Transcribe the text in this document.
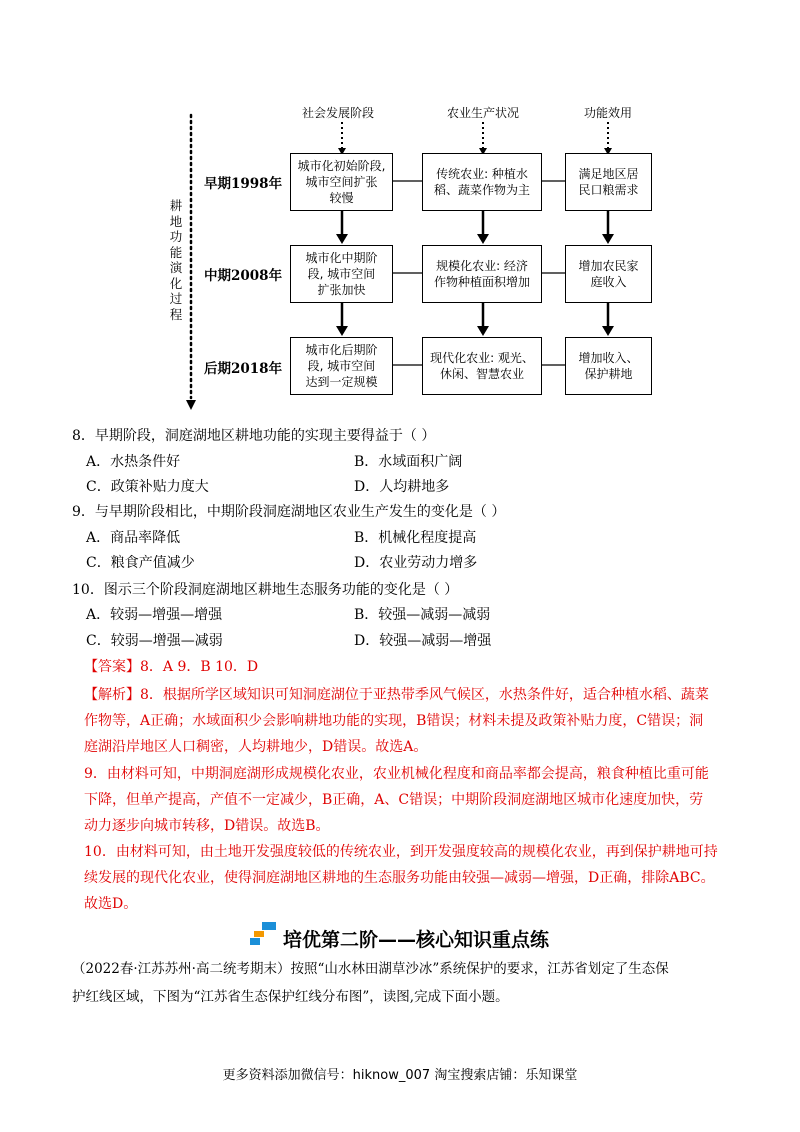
社会发展阶段	农业生产状况	功能效用
耕地功能演化过程
早期1998年
中期2008年
后期2018年
城市化初始阶段,
城市空间扩张
较慢
传统农业: 种植水
稻、蔬菜作物为主
满足地区居
民口粮需求
城市化中期阶
段, 城市空间
扩张加快
规模化农业: 经济
作物种植面积增加
增加农民家
庭收入
城市化后期阶
段, 城市空间
达到一定规模
现代化农业: 观光、
休闲、智慧农业
增加收入、
保护耕地
8．早期阶段，洞庭湖地区耕地功能的实现主要得益于（ ）
A．水热条件好	B．水域面积广阔
C．政策补贴力度大	D．人均耕地多
9．与早期阶段相比，中期阶段洞庭湖地区农业生产发生的变化是（ ）
A．商品率降低	B．机械化程度提高
C．粮食产值减少	D．农业劳动力增多
10．图示三个阶段洞庭湖地区耕地生态服务功能的变化是（ ）
A．较弱—增强—增强	B．较强—减弱—减弱
C．较弱—增强—减弱	D．较强—减弱—增强
【答案】8．A 9．B 10．D
【解析】8．根据所学区域知识可知洞庭湖位于亚热带季风气候区，水热条件好，适合种植水稻、蔬菜
作物等，A正确；水域面积少会影响耕地功能的实现，B错误；材料未提及政策补贴力度，C错误；洞
庭湖沿岸地区人口稠密，人均耕地少，D错误。故选A。
9．由材料可知，中期洞庭湖形成规模化农业，农业机械化程度和商品率都会提高，粮食种植比重可能
下降，但单产提高，产值不一定减少，B正确，A、C错误；中期阶段洞庭湖地区城市化速度加快，劳
动力逐步向城市转移，D错误。故选B。
10．由材料可知，由土地开发强度较低的传统农业，到开发强度较高的规模化农业，再到保护耕地可持
续发展的现代化农业，使得洞庭湖地区耕地的生态服务功能由较强—减弱—增强，D正确，排除ABC。
故选D。
培优第二阶——核心知识重点练
（2022春·江苏苏州·高二统考期末）按照“山水林田湖草沙冰”系统保护的要求，江苏省划定了生态保
护红线区域，下图为“江苏省生态保护红线分布图”，读图,完成下面小题。
更多资料添加微信号：hiknow_007 淘宝搜索店铺：乐知课堂
